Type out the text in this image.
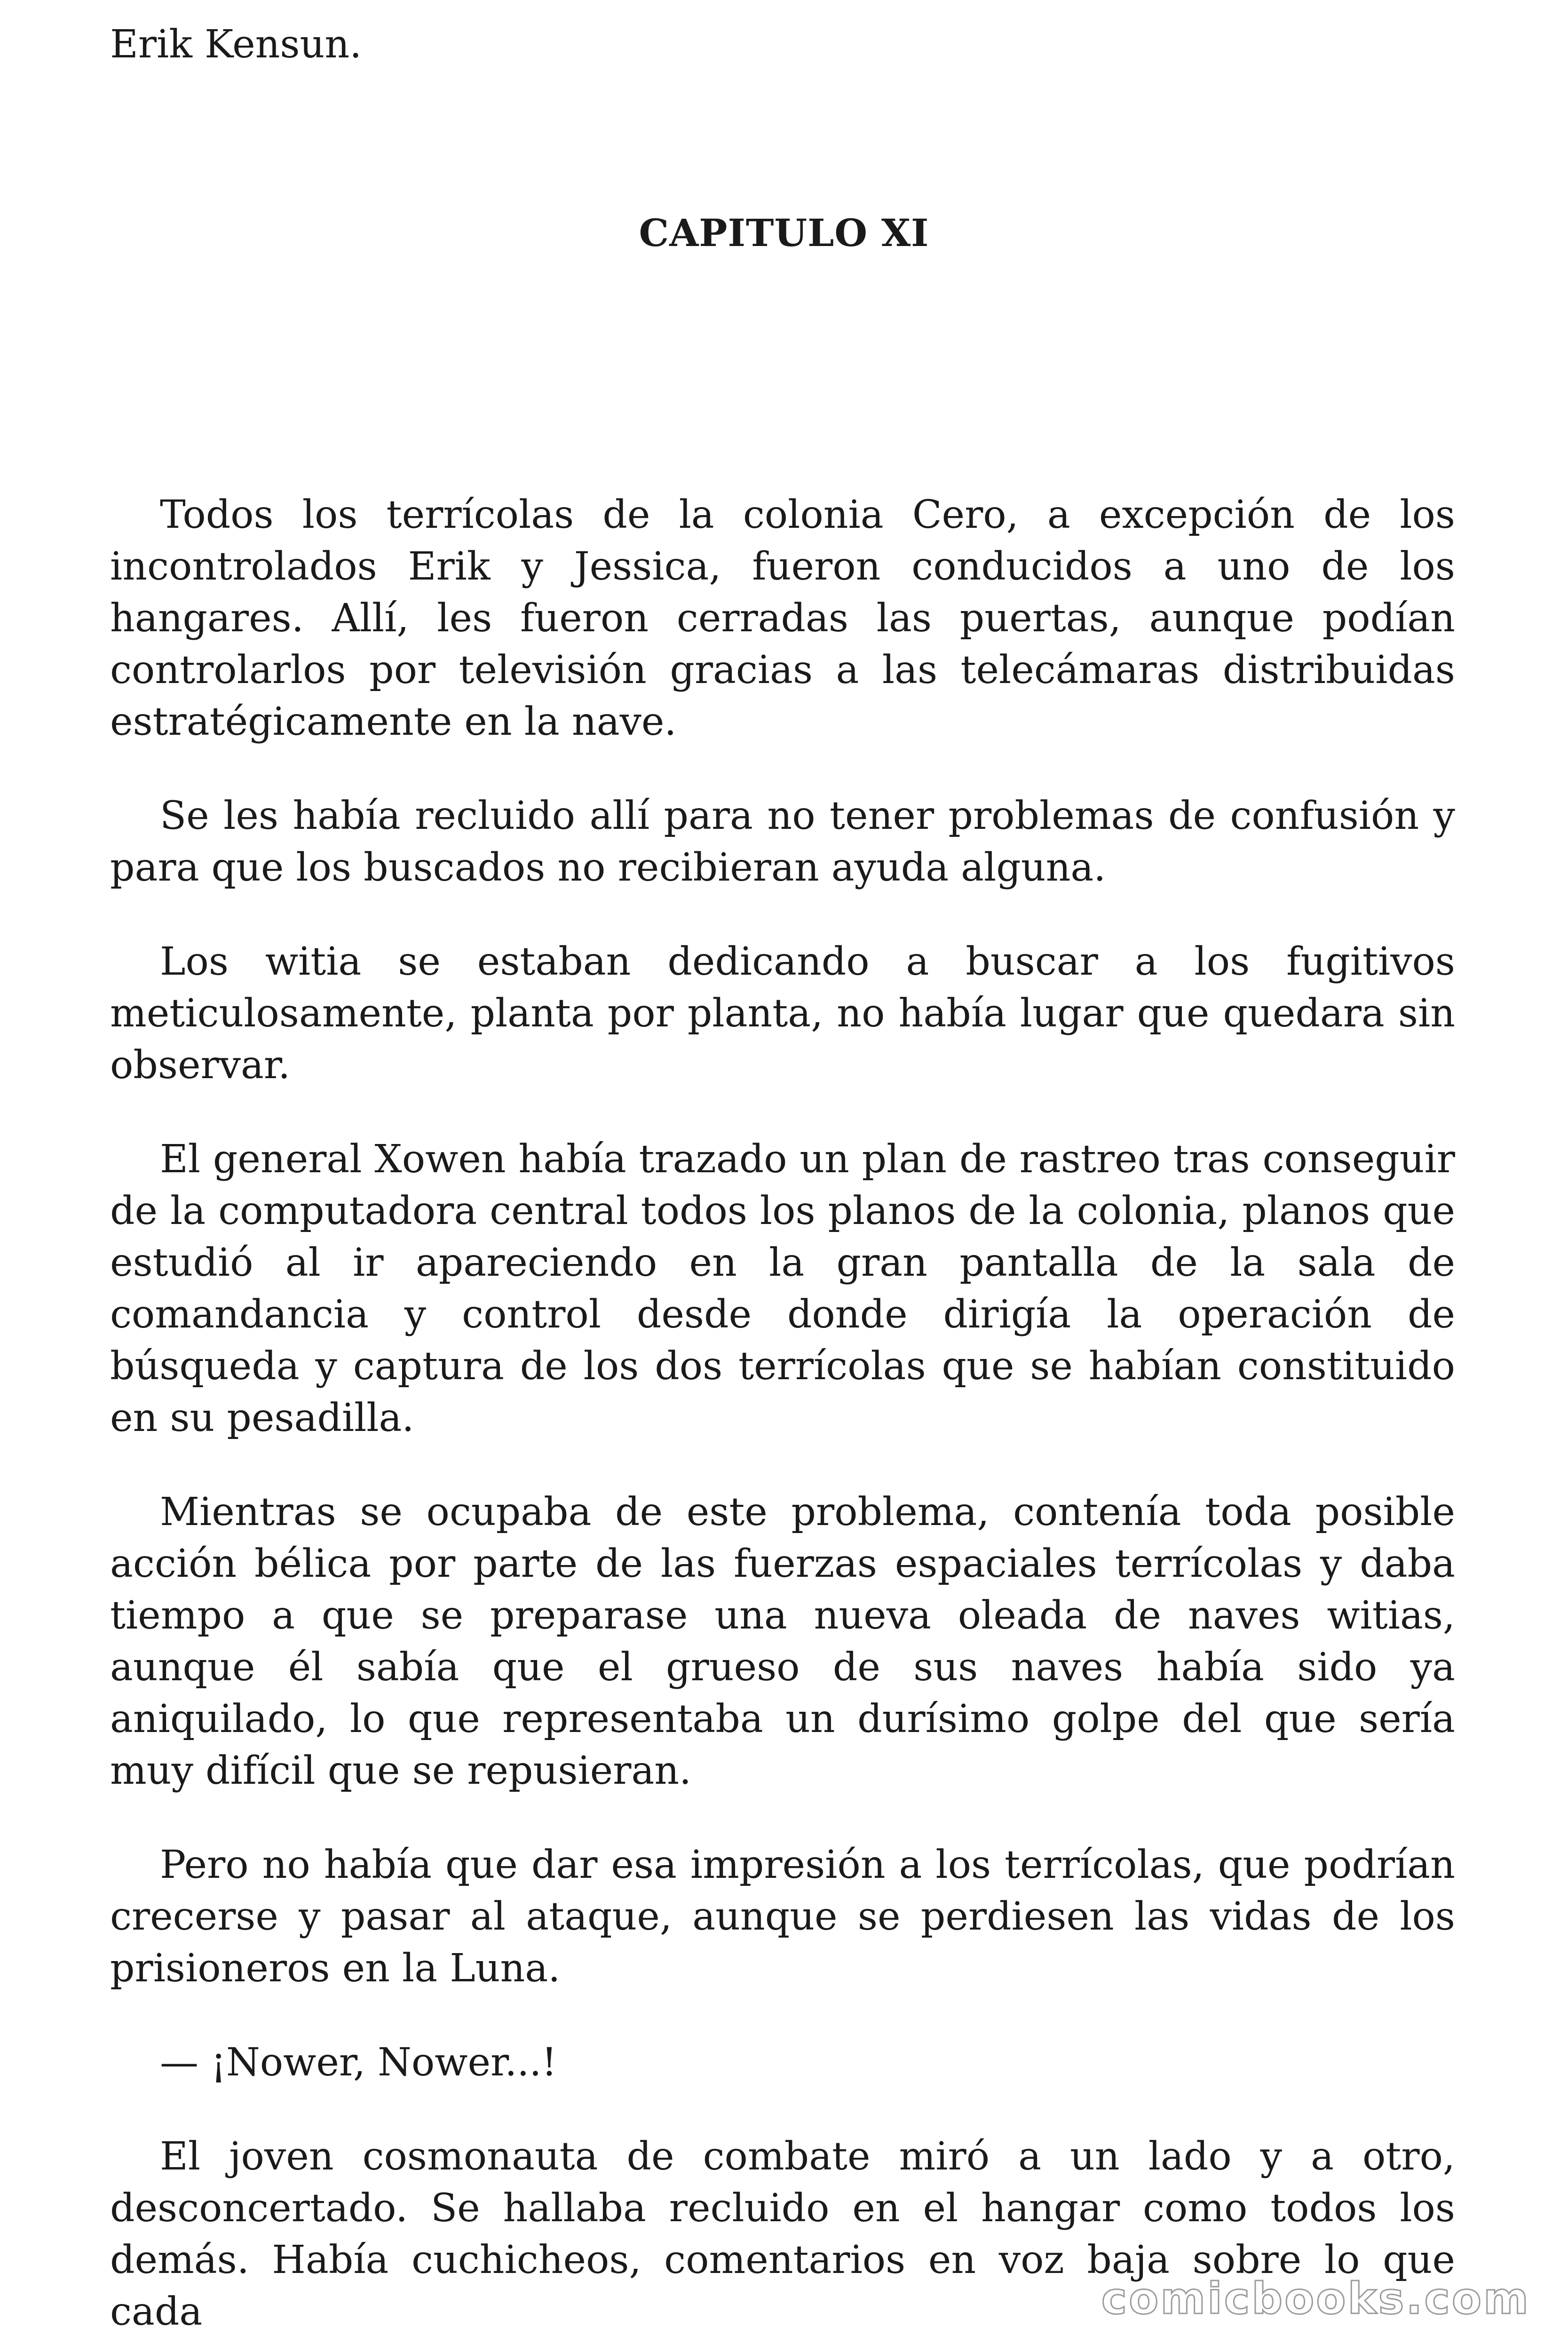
Erik Kensun.

CAPITULO XI

Todos los terrícolas de la colonia Cero, a excepción de los incontrolados Erik y Jessica, fueron conducidos a uno de los hangares. Allí, les fueron cerradas las puertas, aunque podían controlarlos por televisión gracias a las telecámaras distribuidas estratégicamente en la nave.

Se les había recluido allí para no tener problemas de confusión y para que los buscados no recibieran ayuda alguna.

Los witia se estaban dedicando a buscar a los fugitivos meticulosamente, planta por planta, no había lugar que quedara sin observar.

El general Xowen había trazado un plan de rastreo tras conseguir de la computadora central todos los planos de la colonia, planos que estudió al ir apareciendo en la gran pantalla de la sala de comandancia y control desde donde dirigía la operación de búsqueda y captura de los dos terrícolas que se habían constituido en su pesadilla.

Mientras se ocupaba de este problema, contenía toda posible acción bélica por parte de las fuerzas espaciales terrícolas y daba tiempo a que se preparase una nueva oleada de naves witias, aunque él sabía que el grueso de sus naves había sido ya aniquilado, lo que representaba un durísimo golpe del que sería muy difícil que se repusieran.

Pero no había que dar esa impresión a los terrícolas, que podrían crecerse y pasar al ataque, aunque se perdiesen las vidas de los prisioneros en la Luna.

— ¡Nower, Nower...!

El joven cosmonauta de combate miró a un lado y a otro, desconcertado. Se hallaba recluido en el hangar como todos los demás. Había cuchicheos, comentarios en voz baja sobre lo que cada	comicbooks.com
